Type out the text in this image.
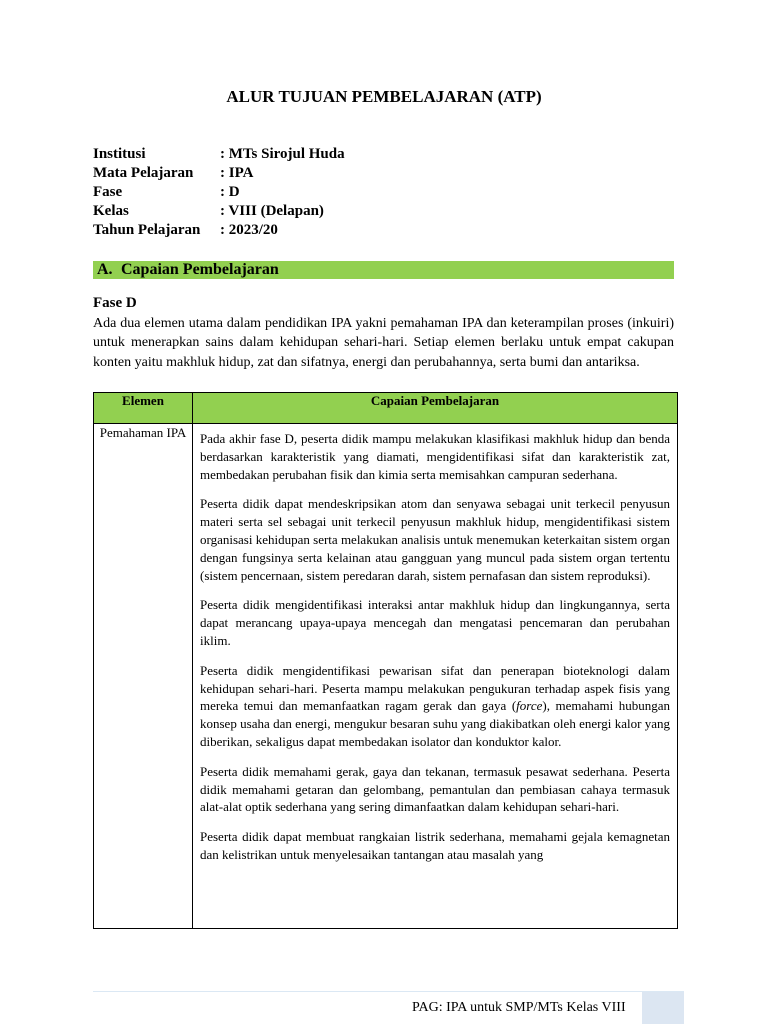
ALUR TUJUAN PEMBELAJARAN (ATP)
Institusi	: MTs Sirojul Huda
Mata Pelajaran	: IPA
Fase	: D
Kelas	: VIII (Delapan)
Tahun Pelajaran	: 2023/20
A. Capaian Pembelajaran
Fase D
Ada dua elemen utama dalam pendidikan IPA yakni pemahaman IPA dan keterampilan proses (inkuiri) untuk menerapkan sains dalam kehidupan sehari-hari. Setiap elemen berlaku untuk empat cakupan konten yaitu makhluk hidup, zat dan sifatnya, energi dan perubahannya, serta bumi dan antariksa.
Elemen	Capaian Pembelajaran
Pemahaman IPA	Pada akhir fase D, peserta didik mampu melakukan klasifikasi makhluk hidup dan benda berdasarkan karakteristik yang diamati, mengidentifikasi sifat dan karakteristik zat, membedakan perubahan fisik dan kimia serta memisahkan campuran sederhana.

Peserta didik dapat mendeskripsikan atom dan senyawa sebagai unit terkecil penyusun materi serta sel sebagai unit terkecil penyusun makhluk hidup, mengidentifikasi sistem organisasi kehidupan serta melakukan analisis untuk menemukan keterkaitan sistem organ dengan fungsinya serta kelainan atau gangguan yang muncul pada sistem organ tertentu (sistem pencernaan, sistem peredaran darah, sistem pernafasan dan sistem reproduksi).

Peserta didik mengidentifikasi interaksi antar makhluk hidup dan lingkungannya, serta dapat merancang upaya-upaya mencegah dan mengatasi pencemaran dan perubahan iklim.

Peserta didik mengidentifikasi pewarisan sifat dan penerapan bioteknologi dalam kehidupan sehari-hari. Peserta mampu melakukan pengukuran terhadap aspek fisis yang mereka temui dan memanfaatkan ragam gerak dan gaya (force), memahami hubungan konsep usaha dan energi, mengukur besaran suhu yang diakibatkan oleh energi kalor yang diberikan, sekaligus dapat membedakan isolator dan konduktor kalor.

Peserta didik memahami gerak, gaya dan tekanan, termasuk pesawat sederhana. Peserta didik memahami getaran dan gelombang, pemantulan dan pembiasan cahaya termasuk alat-alat optik sederhana yang sering dimanfaatkan dalam kehidupan sehari-hari.

Peserta didik dapat membuat rangkaian listrik sederhana, memahami gejala kemagnetan dan kelistrikan untuk menyelesaikan tantangan atau masalah yang

PAG: IPA untuk SMP/MTs Kelas VIII
